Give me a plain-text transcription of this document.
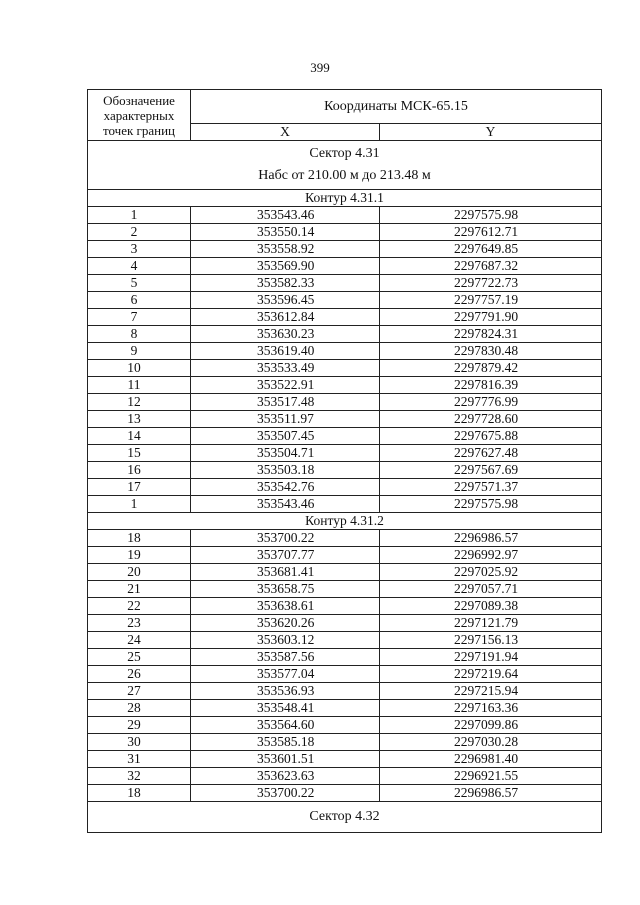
399
Обозначение характерных точек границ	Координаты МСК-65.15	
	X	Y

Сектор 4.31
Набс от 210.00 м до 213.48 м		

Контур 4.31.1		
1	353543.46	2297575.98
2	353550.14	2297612.71
3	353558.92	2297649.85
4	353569.90	2297687.32
5	353582.33	2297722.73
6	353596.45	2297757.19
7	353612.84	2297791.90
8	353630.23	2297824.31
9	353619.40	2297830.48
10	353533.49	2297879.42
11	353522.91	2297816.39
12	353517.48	2297776.99
13	353511.97	2297728.60
14	353507.45	2297675.88
15	353504.71	2297627.48
16	353503.18	2297567.69
17	353542.76	2297571.37
1	353543.46	2297575.98
Контур 4.31.2		
18	353700.22	2296986.57
19	353707.77	2296992.97
20	353681.41	2297025.92
21	353658.75	2297057.71
22	353638.61	2297089.38
23	353620.26	2297121.79
24	353603.12	2297156.13
25	353587.56	2297191.94
26	353577.04	2297219.64
27	353536.93	2297215.94
28	353548.41	2297163.36
29	353564.60	2297099.86
30	353585.18	2297030.28
31	353601.51	2296981.40
32	353623.63	2296921.55
18	353700.22	2296986.57
Сектор 4.32		
